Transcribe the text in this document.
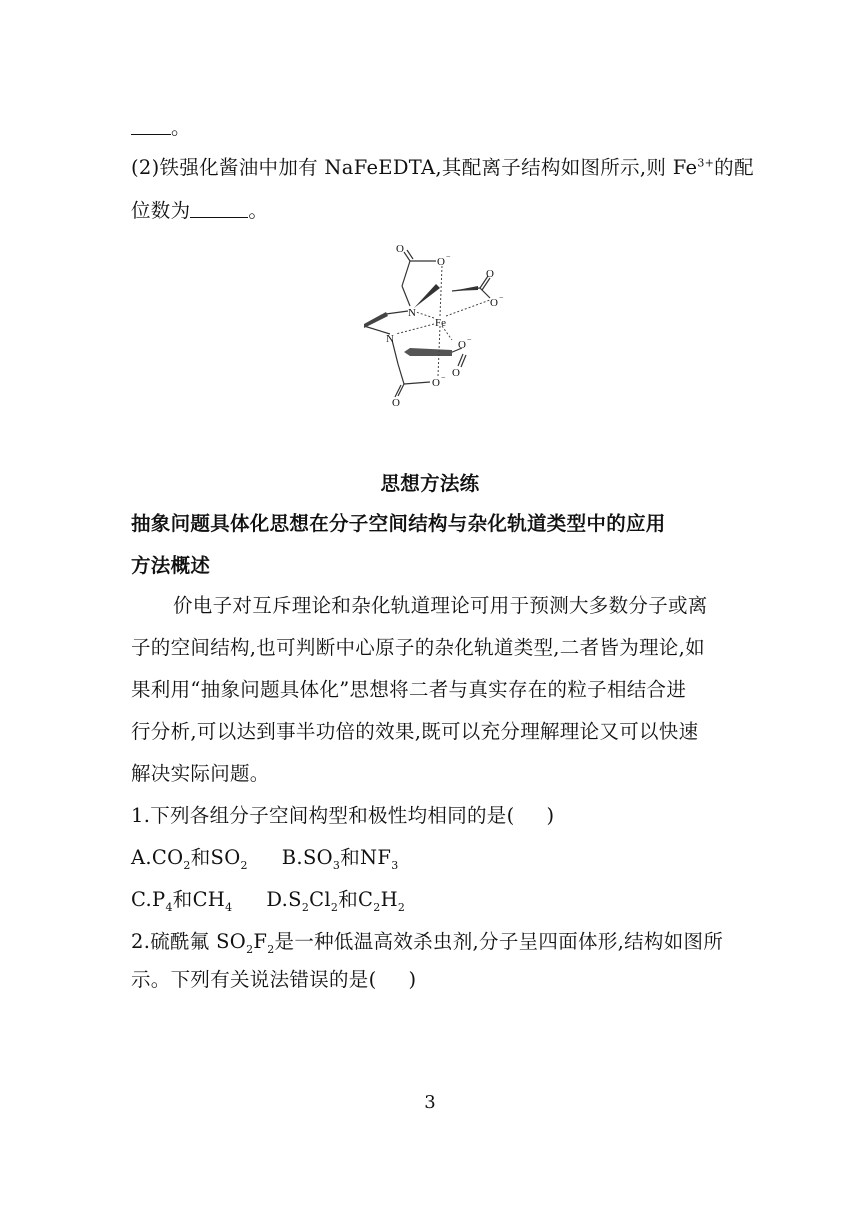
。
(2)铁强化酱油中加有 NaFeEDTA,其配离子结构如图所示,则 $Fe^{3+}$的配
位数为	。
O
O −
O
O −
N
Fe
N	O −
O
O −
O
思想方法练
抽象问题具体化思想在分子空间结构与杂化轨道类型中的应用
方法概述
价电子对互斥理论和杂化轨道理论可用于预测大多数分子或离
子的空间结构,也可判断中心原子的杂化轨道类型,二者皆为理论,如
果利用“抽象问题具体化”思想将二者与真实存在的粒子相结合进
行分析,可以达到事半功倍的效果,既可以充分理解理论又可以快速
解决实际问题。
1.下列各组分子空间构型和极性均相同的是( )
$A.CO_2$和$SO_2$ $B.SO_3$和$NF_3$
$C.P_4$和$CH_4$ $D.S_2Cl_2$和$C_2H_2$
2.硫酰氟 $SO_2F_2$是一种低温高效杀虫剂,分子呈四面体形,结构如图所
示。下列有关说法错误的是( )
3
